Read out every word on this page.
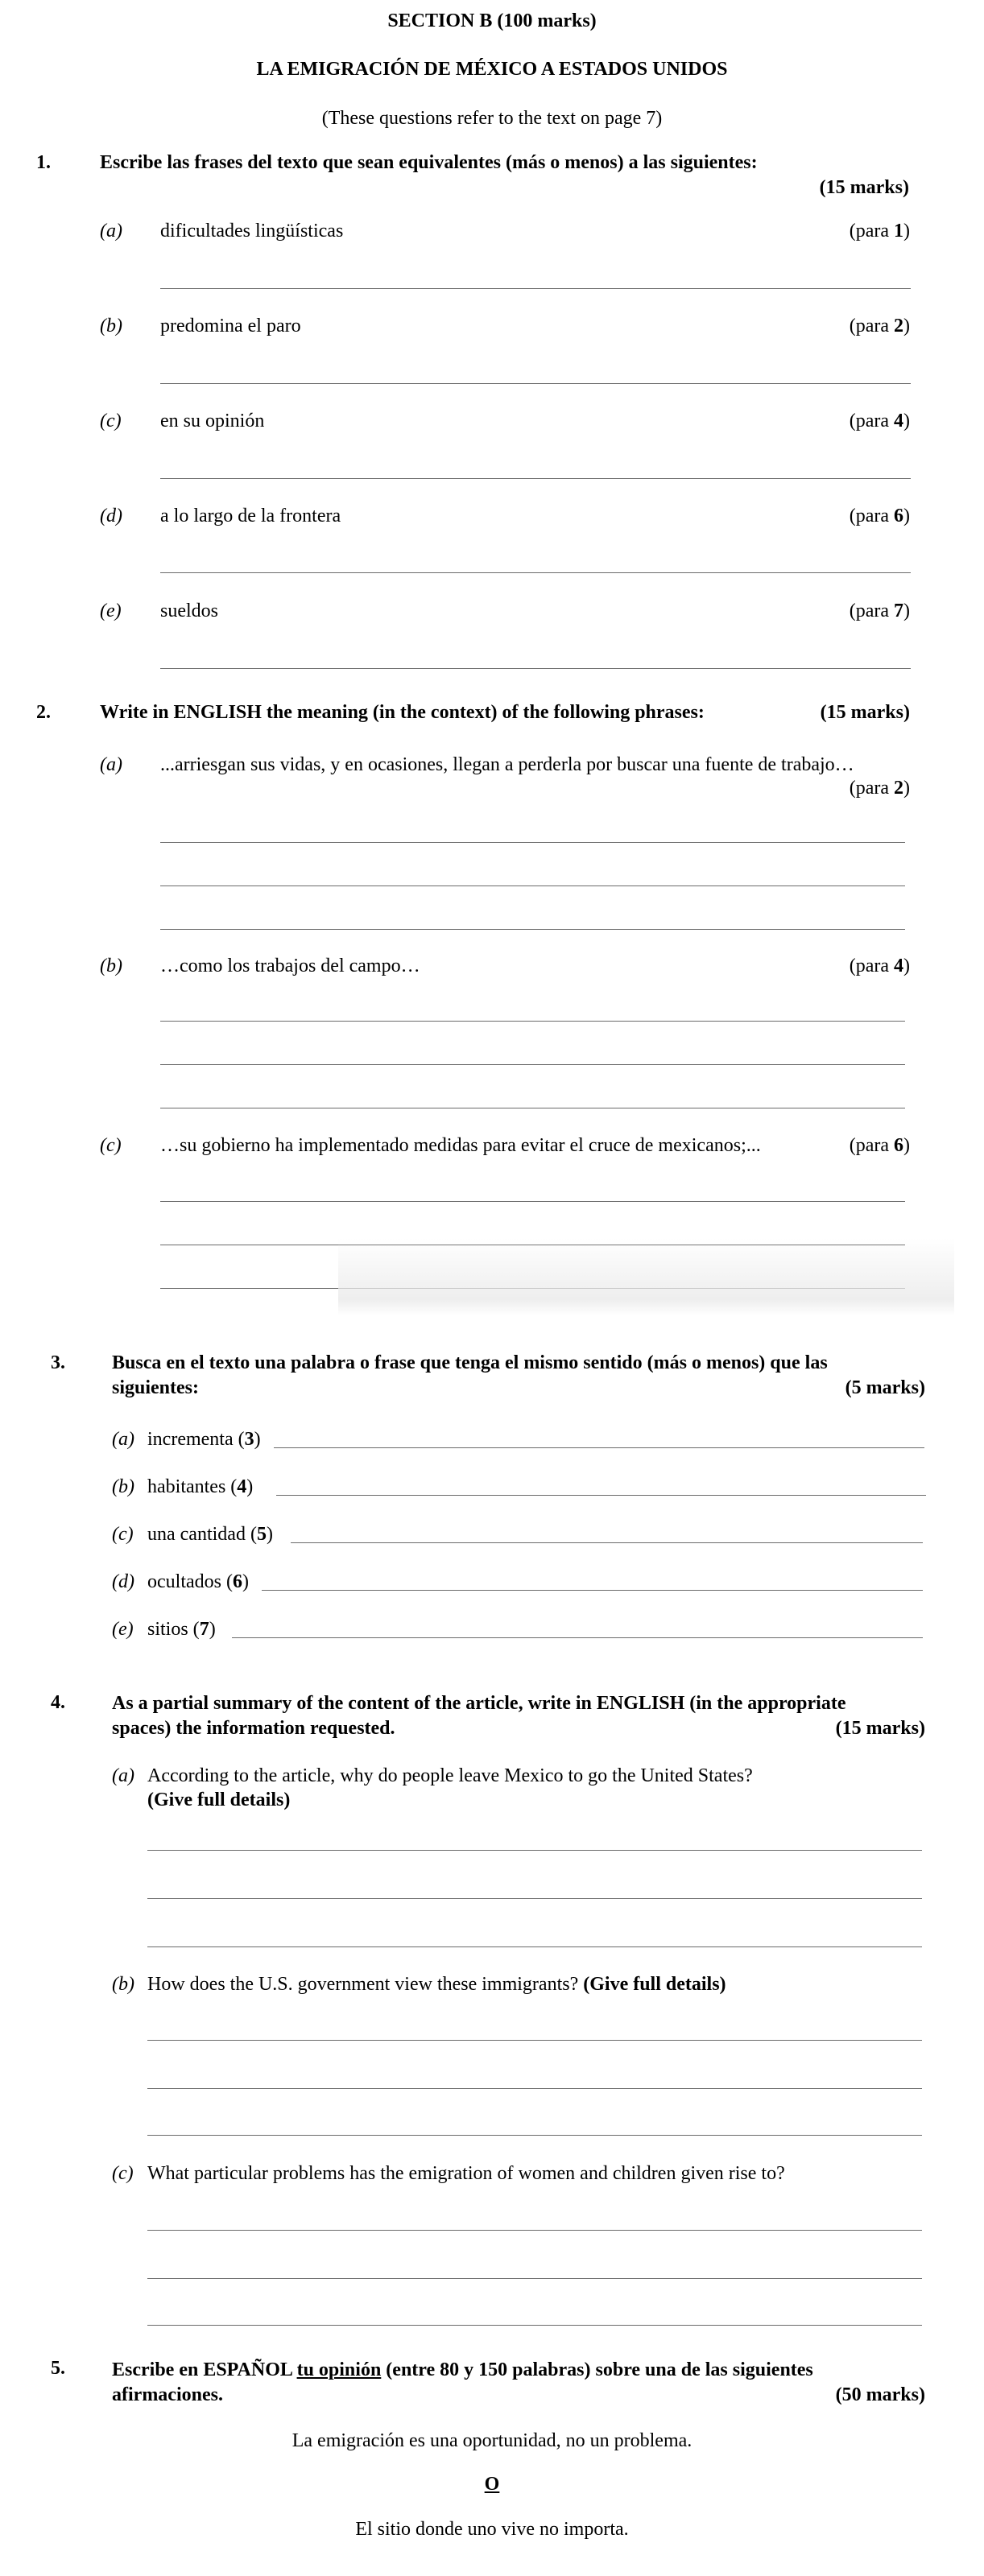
SECTION B (100 marks)
LA EMIGRACIÓN DE MÉXICO A ESTADOS UNIDOS
(These questions refer to the text on page 7)
1.	Escribe las frases del texto que sean equivalentes (más o menos) a las siguientes:
(15 marks)
(a) dificultades lingüísticas	(para 1)
(b) predomina el paro	(para 2)
(c) en su opinión	(para 4)
(d) a lo largo de la frontera	(para 6)
(e) sueldos	(para 7)
2.	Write in ENGLISH the meaning (in the context) of the following phrases:	(15 marks)
(a) ...arriesgan sus vidas, y en ocasiones, llegan a perderla por buscar una fuente de trabajo…
(para 2)
(b) …como los trabajos del campo…	(para 4)
(c) …su gobierno ha implementado medidas para evitar el cruce de mexicanos;...	(para 6)
3. Busca en el texto una palabra o frase que tenga el mismo sentido (más o menos) que las
siguientes:	(5 marks)
(a) incrementa (3)
(b) habitantes (4)
(c) una cantidad (5)
(d) ocultados (6)
(e) sitios (7)
4. As a partial summary of the content of the article, write in ENGLISH (in the appropriate
spaces) the information requested.	(15 marks)
(a) According to the article, why do people leave Mexico to go the United States?
(Give full details)
(b) How does the U.S. government view these immigrants? (Give full details)
(c) What particular problems has the emigration of women and children given rise to?
5. Escribe en ESPAÑOL tu opinión (entre 80 y 150 palabras) sobre una de las siguientes
afirmaciones.	(50 marks)
La emigración es una oportunidad, no un problema.
O
El sitio donde uno vive no importa.
